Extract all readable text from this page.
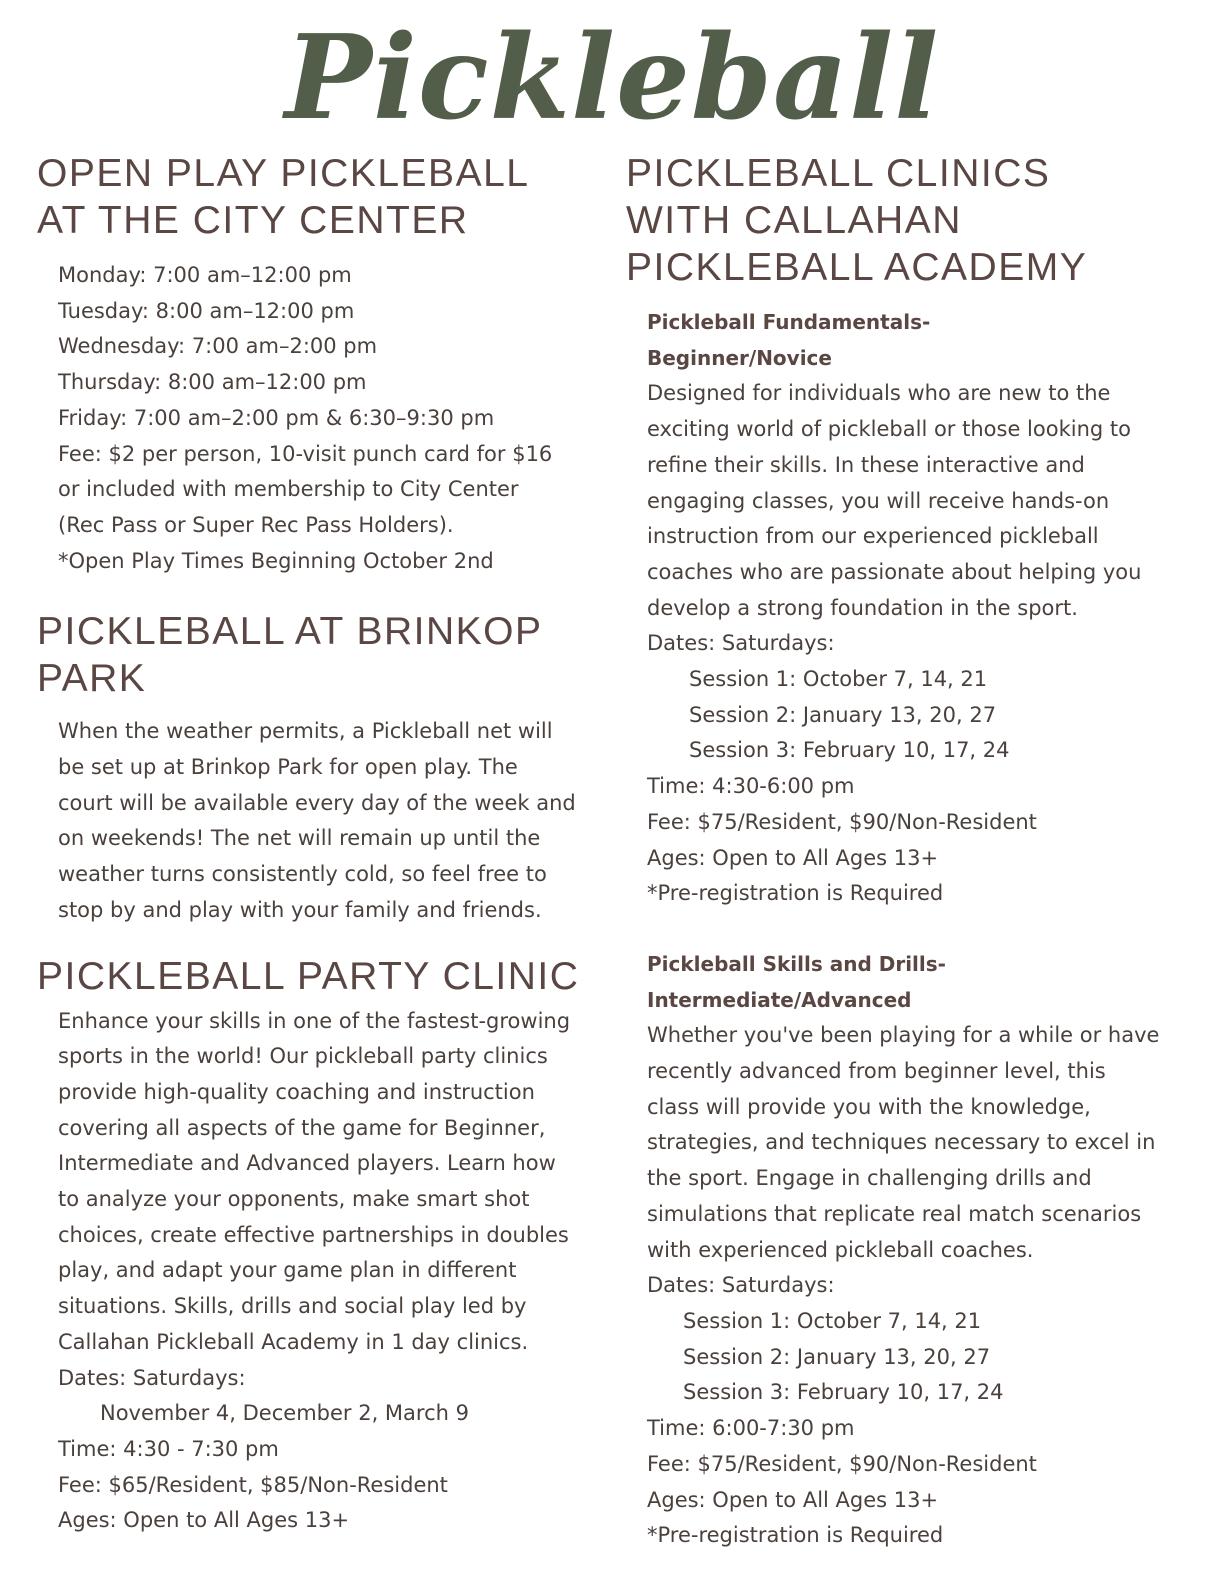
Pickleball
OPEN PLAY PICKLEBALL
AT THE CITY CENTER
Monday: 7:00 am–12:00 pm
Tuesday: 8:00 am–12:00 pm
Wednesday: 7:00 am–2:00 pm
Thursday: 8:00 am–12:00 pm
Friday: 7:00 am–2:00 pm & 6:30–9:30 pm
Fee: $2 per person, 10-visit punch card for $16
or included with membership to City Center
(Rec Pass or Super Rec Pass Holders).
*Open Play Times Beginning October 2nd
PICKLEBALL AT BRINKOP
PARK
When the weather permits, a Pickleball net will
be set up at Brinkop Park for open play. The
court will be available every day of the week and
on weekends! The net will remain up until the
weather turns consistently cold, so feel free to
stop by and play with your family and friends.
PICKLEBALL PARTY CLINIC
Enhance your skills in one of the fastest-growing
sports in the world! Our pickleball party clinics
provide high-quality coaching and instruction
covering all aspects of the game for Beginner,
Intermediate and Advanced players. Learn how
to analyze your opponents, make smart shot
choices, create effective partnerships in doubles
play, and adapt your game plan in different
situations. Skills, drills and social play led by
Callahan Pickleball Academy in 1 day clinics.
Dates: Saturdays:
November 4, December 2, March 9
Time: 4:30 - 7:30 pm
Fee: $65/Resident, $85/Non-Resident
Ages: Open to All Ages 13+
PICKLEBALL CLINICS
WITH CALLAHAN
PICKLEBALL ACADEMY
Pickleball Fundamentals-
Beginner/Novice
Designed for individuals who are new to the
exciting world of pickleball or those looking to
refine their skills. In these interactive and
engaging classes, you will receive hands-on
instruction from our experienced pickleball
coaches who are passionate about helping you
develop a strong foundation in the sport.
Dates: Saturdays:
Session 1: October 7, 14, 21
Session 2: January 13, 20, 27
Session 3: February 10, 17, 24
Time: 4:30-6:00 pm
Fee: $75/Resident, $90/Non-Resident
Ages: Open to All Ages 13+
*Pre-registration is Required
Pickleball Skills and Drills-
Intermediate/Advanced
Whether you've been playing for a while or have
recently advanced from beginner level, this
class will provide you with the knowledge,
strategies, and techniques necessary to excel in
the sport. Engage in challenging drills and
simulations that replicate real match scenarios
with experienced pickleball coaches.
Dates: Saturdays:
Session 1: October 7, 14, 21
Session 2: January 13, 20, 27
Session 3: February 10, 17, 24
Time: 6:00-7:30 pm
Fee: $75/Resident, $90/Non-Resident
Ages: Open to All Ages 13+
*Pre-registration is Required
